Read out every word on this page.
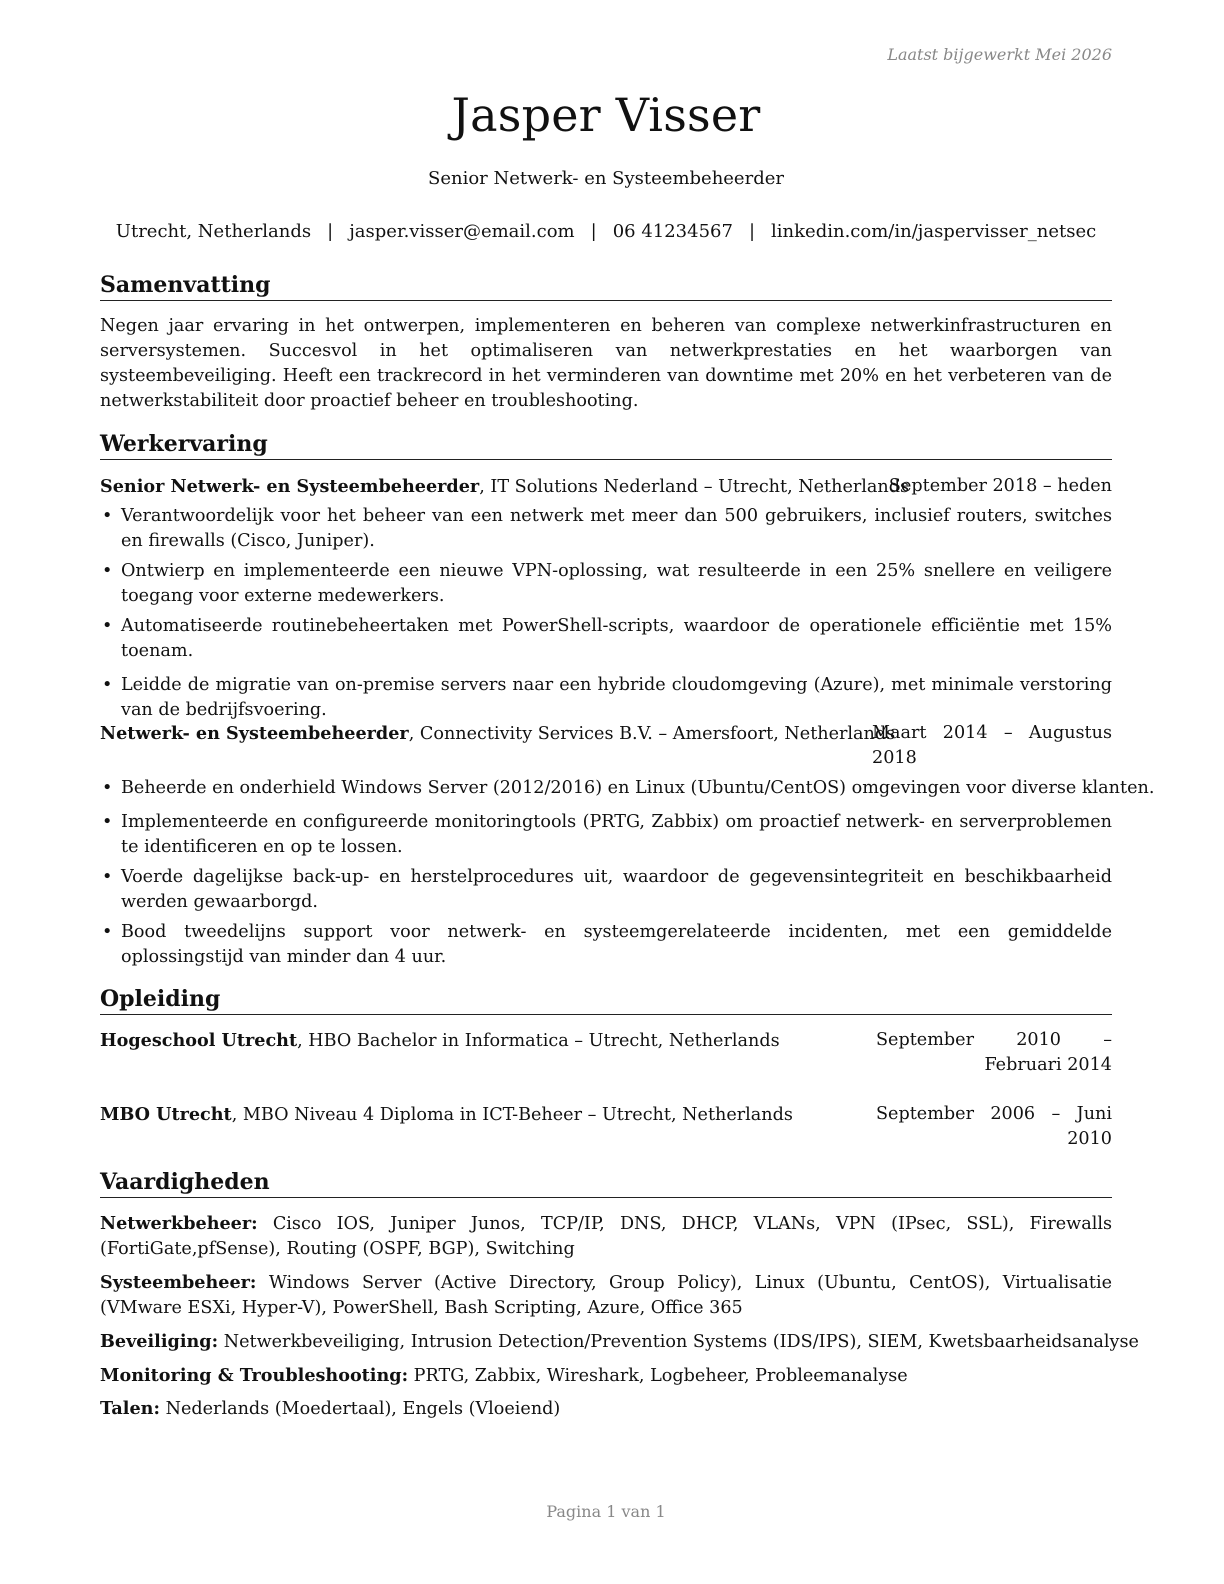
Laatst bijgewerkt Mei 2026
Jasper Visser
Senior Netwerk- en Systeembeheerder
Utrecht, Netherlands | jasper.visser@email.com | 06 41234567 | linkedin.com/in/jaspervisser_netsec
Samenvatting
Negen jaar ervaring in het ontwerpen, implementeren en beheren van complexe netwerkinfrastructuren en serversystemen. Succesvol in het optimaliseren van netwerkprestaties en het waarborgen van systeembeveiliging. Heeft een trackrecord in het verminderen van downtime met 20% en het verbeteren van de netwerkstabiliteit door proactief beheer en troubleshooting.
Werkervaring
Senior Netwerk- en Systeembeheerder, IT Solutions Nederland – Utrecht, Netherlands
September 2018 – heden
• Verantwoordelijk voor het beheer van een netwerk met meer dan 500 gebruikers, inclusief routers, switches en firewalls (Cisco, Juniper).
• Ontwierp en implementeerde een nieuwe VPN-oplossing, wat resulteerde in een 25% snellere en veiligere toegang voor externe medewerkers.
• Automatiseerde routinebeheertaken met PowerShell-scripts, waardoor de operationele efficiëntie met 15% toenam.
• Leidde de migratie van on-premise servers naar een hybride cloudomgeving (Azure), met minimale verstoring van de bedrijfsvoering.
Netwerk- en Systeembeheerder, Connectivity Services B.V. – Amersfoort, Netherlands
Maart 2014 – Augustus 2018
• Beheerde en onderhield Windows Server (2012/2016) en Linux (Ubuntu/CentOS) omgevingen voor diverse klanten.
• Implementeerde en configureerde monitoringtools (PRTG, Zabbix) om proactief netwerk- en serverproblemen te identificeren en op te lossen.
• Voerde dagelijkse back-up- en herstelprocedures uit, waardoor de gegevensintegriteit en beschikbaarheid werden gewaarborgd.
• Bood tweedelijns support voor netwerk- en systeemgerelateerde incidenten, met een gemiddelde oplossingstijd van minder dan 4 uur.
Opleiding
Hogeschool Utrecht, HBO Bachelor in Informatica – Utrecht, Netherlands	September 2010 – Februari 2014
MBO Utrecht, MBO Niveau 4 Diploma in ICT-Beheer – Utrecht, Netherlands	September 2006 – Juni 2010
Vaardigheden
Netwerkbeheer: Cisco IOS, Juniper Junos, TCP/IP, DNS, DHCP, VLANs, VPN (IPsec, SSL), Firewalls (FortiGate,pfSense), Routing (OSPF, BGP), Switching
Systeembeheer: Windows Server (Active Directory, Group Policy), Linux (Ubuntu, CentOS), Virtualisatie (VMware ESXi, Hyper-V), PowerShell, Bash Scripting, Azure, Office 365
Beveiliging: Netwerkbeveiliging, Intrusion Detection/Prevention Systems (IDS/IPS), SIEM, Kwetsbaarheidsanalyse
Monitoring & Troubleshooting: PRTG, Zabbix, Wireshark, Logbeheer, Probleemanalyse
Talen: Nederlands (Moedertaal), Engels (Vloeiend)
Pagina 1 van 1
